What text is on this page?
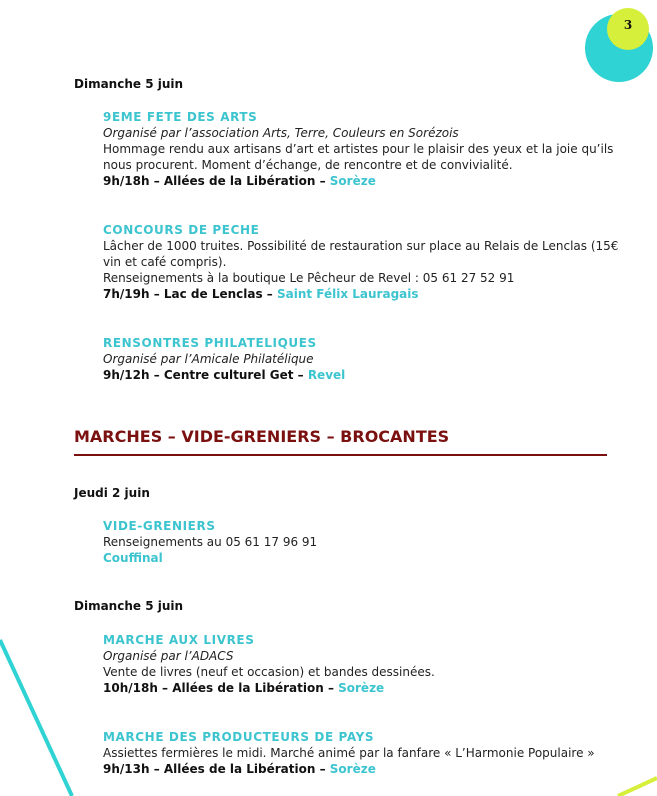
3
Dimanche 5 juin
9EME FETE DES ARTS
Organisé par l’association Arts, Terre, Couleurs en Sorézois
Hommage rendu aux artisans d’art et artistes pour le plaisir des yeux et la joie qu’ils
nous procurent. Moment d’échange, de rencontre et de convivialité.
9h/18h – Allées de la Libération – Sorèze
CONCOURS DE PECHE
Lâcher de 1000 truites. Possibilité de restauration sur place au Relais de Lenclas (15€
vin et café compris).
Renseignements à la boutique Le Pêcheur de Revel : 05 61 27 52 91
7h/19h – Lac de Lenclas – Saint Félix Lauragais
RENSONTRES PHILATELIQUES
Organisé par l’Amicale Philatélique
9h/12h – Centre culturel Get – Revel
MARCHES – VIDE-GRENIERS – BROCANTES
Jeudi 2 juin
VIDE-GRENIERS
Renseignements au 05 61 17 96 91
Couffinal
Dimanche 5 juin
MARCHE AUX LIVRES
Organisé par l’ADACS
Vente de livres (neuf et occasion) et bandes dessinées.
10h/18h – Allées de la Libération – Sorèze
MARCHE DES PRODUCTEURS DE PAYS
Assiettes fermières le midi. Marché animé par la fanfare « L’Harmonie Populaire »
9h/13h – Allées de la Libération – Sorèze
